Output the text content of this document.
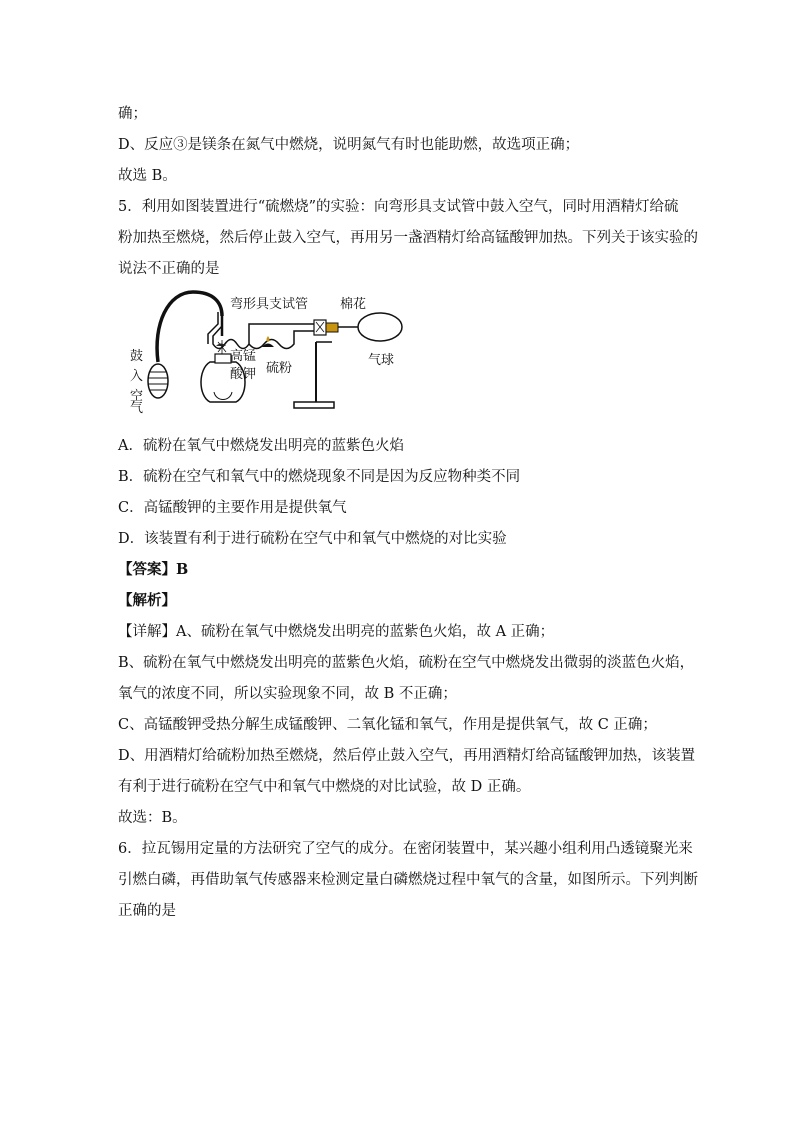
确；
D、反应③是镁条在氮气中燃烧，说明氮气有时也能助燃，故选项正确；
故选 B。
5．利用如图装置进行“硫燃烧”的实验：向弯形具支试管中鼓入空气，同时用酒精灯给硫
粉加热至燃烧，然后停止鼓入空气，再用另一盏酒精灯给高锰酸钾加热。下列关于该实验的
说法不正确的是
弯形具支试管 棉花
高锰
酸钾 硫粉
气球
鼓
入
空
气
A．硫粉在氧气中燃烧发出明亮的蓝紫色火焰
B．硫粉在空气和氧气中的燃烧现象不同是因为反应物种类不同
C．高锰酸钾的主要作用是提供氧气
D．该装置有利于进行硫粉在空气中和氧气中燃烧的对比实验
【答案】B
【解析】
【详解】A、硫粉在氧气中燃烧发出明亮的蓝紫色火焰，故 A 正确；
B、硫粉在氧气中燃烧发出明亮的蓝紫色火焰，硫粉在空气中燃烧发出微弱的淡蓝色火焰，
氧气的浓度不同，所以实验现象不同，故 B 不正确；
C、高锰酸钾受热分解生成锰酸钾、二氧化锰和氧气，作用是提供氧气，故 C 正确；
D、用酒精灯给硫粉加热至燃烧，然后停止鼓入空气，再用酒精灯给高锰酸钾加热，该装置
有利于进行硫粉在空气中和氧气中燃烧的对比试验，故 D 正确。
故选：B。
6．拉瓦锡用定量的方法研究了空气的成分。在密闭装置中，某兴趣小组利用凸透镜聚光来
引燃白磷，再借助氧气传感器来检测定量白磷燃烧过程中氧气的含量，如图所示。下列判断
正确的是
